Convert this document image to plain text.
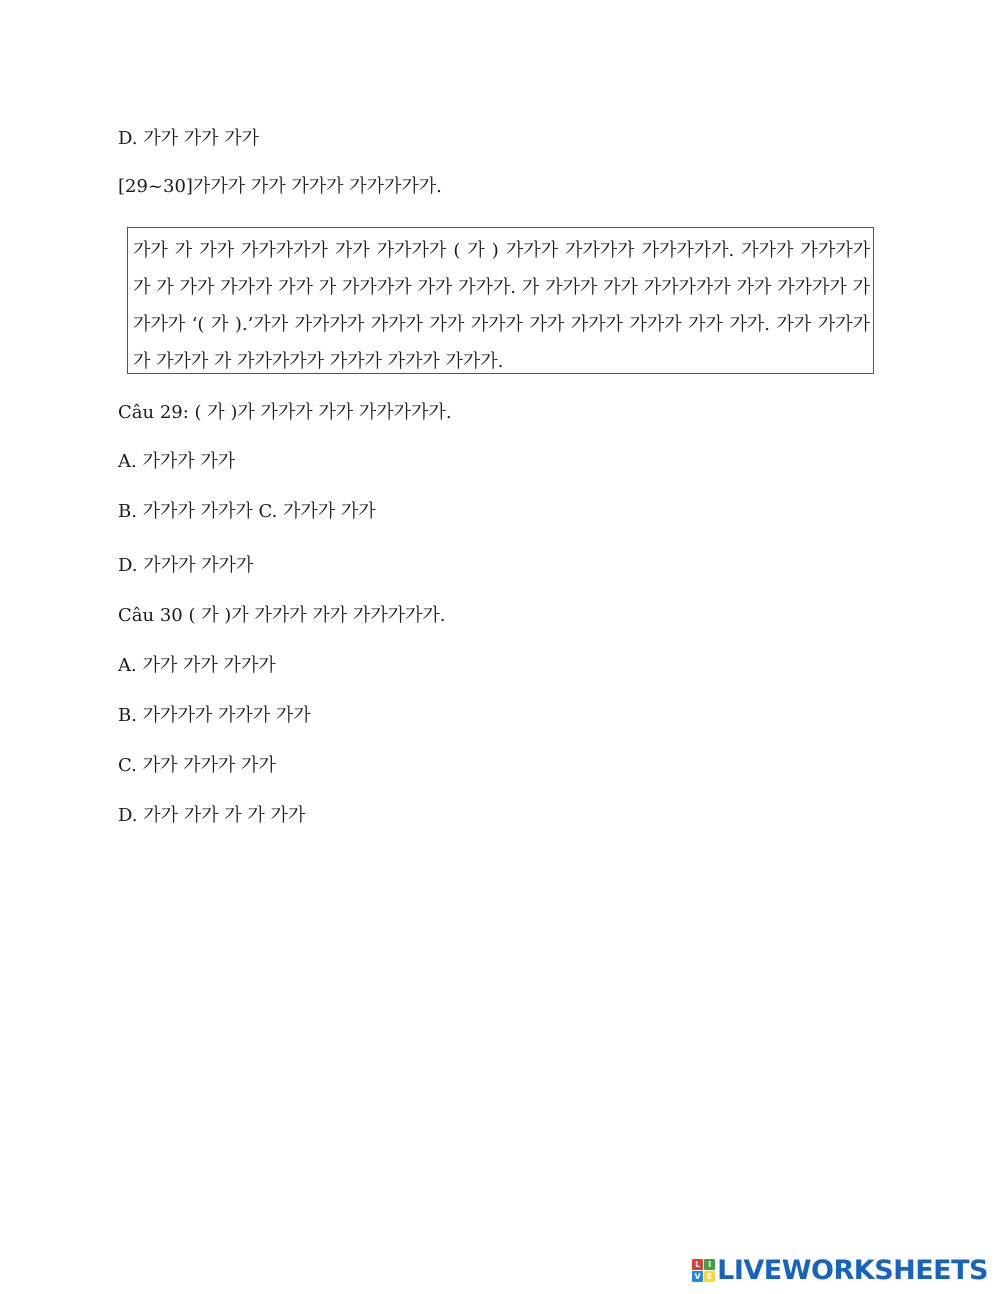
D. 가가 가가 가가
[29~30]가가가 가가 가가가 가가가가가.

가가 가 가가 가가가가가 가가 가가가가 ( 가 ) 가가가 가가가가 가가가가가. 가가가 가가가가가 가 가가 가가가 가가 가 가가가가 가가 가가가. 가 가가가 가가 가가가가가 가가 가가가가 가가가가 ‘( 가 ).’가가 가가가가 가가가 가가 가가가 가가 가가가 가가가 가가 가가. 가가 가가가가 가가가 가 가가가가가 가가가 가가가 가가가.

Câu 29: ( 가 )가 가가가 가가 가가가가가.
A. 가가가 가가
B. 가가가 가가가 C. 가가가 가가
D. 가가가 가가가
Câu 30 ( 가 )가 가가가 가가 가가가가가.
A. 가가 가가 가가가
B. 가가가가 가가가 가가
C. 가가 가가가 가가
D. 가가 가가 가 가 가가
L I
V E LIVEWORKSHEETS
